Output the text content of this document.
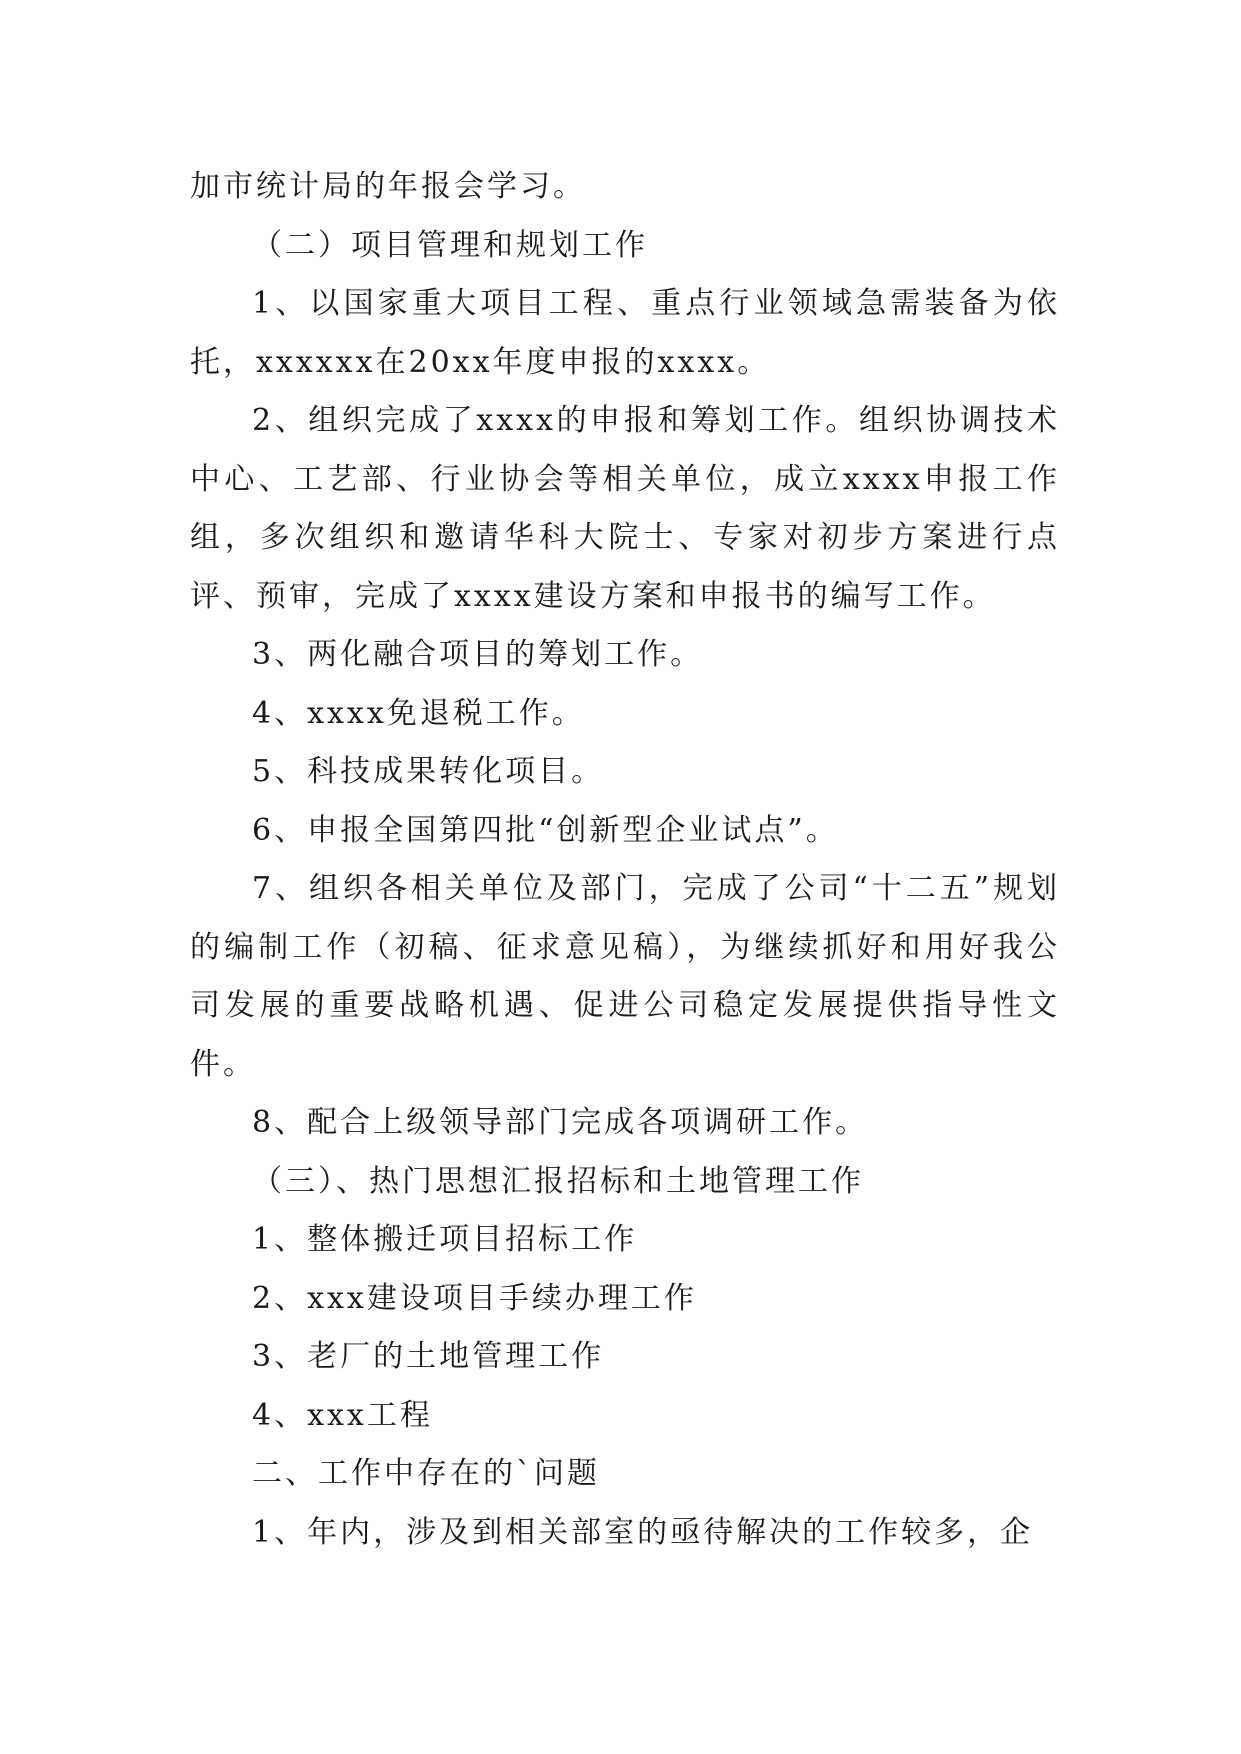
加市统计局的年报会学习。

（二）项目管理和规划工作

1、以国家重大项目工程、重点行业领域急需装备为依托，xxxxxx在20xx年度申报的xxxx。

2、组织完成了xxxx的申报和筹划工作。组织协调技术中心、工艺部、行业协会等相关单位，成立xxxx申报工作组，多次组织和邀请华科大院士、专家对初步方案进行点评、预审，完成了xxxx建设方案和申报书的编写工作。

3、两化融合项目的筹划工作。

4、xxxx免退税工作。

5、科技成果转化项目。

6、申报全国第四批“创新型企业试点”。

7、组织各相关单位及部门，完成了公司“十二五”规划的编制工作（初稿、征求意见稿），为继续抓好和用好我公司发展的重要战略机遇、促进公司稳定发展提供指导性文件。

8、配合上级领导部门完成各项调研工作。

（三）、热门思想汇报招标和土地管理工作

1、整体搬迁项目招标工作

2、xxx建设项目手续办理工作

3、老厂的土地管理工作

4、xxx工程

二、工作中存在的`问题

1、年内，涉及到相关部室的亟待解决的工作较多，企
